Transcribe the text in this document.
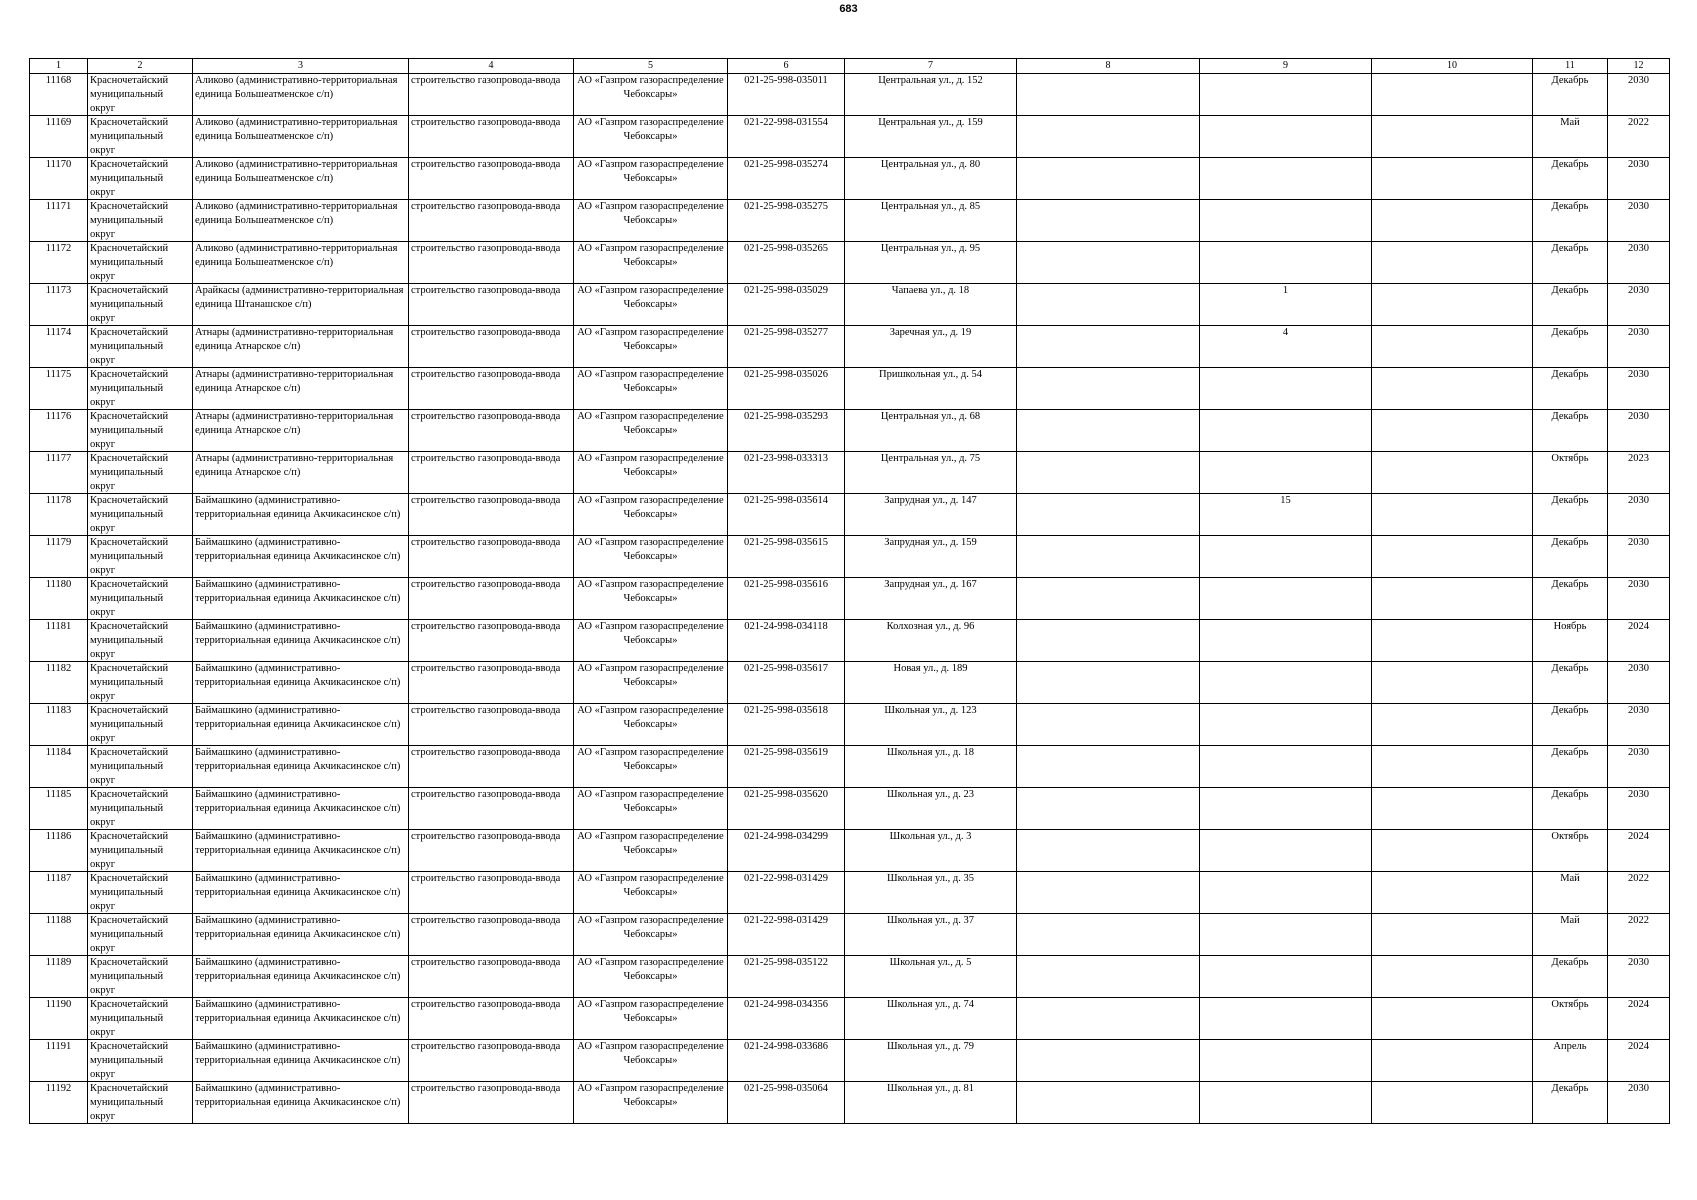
683
1	2	3	4	5	6	7	8	9	10	11	12

11168	Красночетайский муниципальный округ	Аликово (административно-территориальная единица Большеатменское с/п)	строительство газопровода-ввода	АО «Газпром газораспределение Чебоксары»	021-25-998-035011	Центральная ул., д. 152				Декабрь	2030

11169	Красночетайский муниципальный округ	Аликово (административно-территориальная единица Большеатменское с/п)	строительство газопровода-ввода	АО «Газпром газораспределение Чебоксары»	021-22-998-031554	Центральная ул., д. 159				Май	2022

11170	Красночетайский муниципальный округ	Аликово (административно-территориальная единица Большеатменское с/п)	строительство газопровода-ввода	АО «Газпром газораспределение Чебоксары»	021-25-998-035274	Центральная ул., д. 80				Декабрь	2030

11171	Красночетайский муниципальный округ	Аликово (административно-территориальная единица Большеатменское с/п)	строительство газопровода-ввода	АО «Газпром газораспределение Чебоксары»	021-25-998-035275	Центральная ул., д. 85				Декабрь	2030

11172	Красночетайский муниципальный округ	Аликово (административно-территориальная единица Большеатменское с/п)	строительство газопровода-ввода	АО «Газпром газораспределение Чебоксары»	021-25-998-035265	Центральная ул., д. 95				Декабрь	2030

11173	Красночетайский муниципальный округ	Арайкасы (административно-территориальная единица Штанашское с/п)	строительство газопровода-ввода	АО «Газпром газораспределение Чебоксары»	021-25-998-035029	Чапаева ул., д. 18		1		Декабрь	2030

11174	Красночетайский муниципальный округ	Атнары (административно-территориальная единица Атнарское с/п)	строительство газопровода-ввода	АО «Газпром газораспределение Чебоксары»	021-25-998-035277	Заречная ул., д. 19		4		Декабрь	2030

11175	Красночетайский муниципальный округ	Атнары (административно-территориальная единица Атнарское с/п)	строительство газопровода-ввода	АО «Газпром газораспределение Чебоксары»	021-25-998-035026	Пришкольная ул., д. 54				Декабрь	2030

11176	Красночетайский муниципальный округ	Атнары (административно-территориальная единица Атнарское с/п)	строительство газопровода-ввода	АО «Газпром газораспределение Чебоксары»	021-25-998-035293	Центральная ул., д. 68				Декабрь	2030

11177	Красночетайский муниципальный округ	Атнары (административно-территориальная единица Атнарское с/п)	строительство газопровода-ввода	АО «Газпром газораспределение Чебоксары»	021-23-998-033313	Центральная ул., д. 75				Октябрь	2023

11178	Красночетайский муниципальный округ	Баймашкино (административно-территориальная единица Акчикасинское с/п)	строительство газопровода-ввода	АО «Газпром газораспределение Чебоксары»	021-25-998-035614	Запрудная ул., д. 147		15		Декабрь	2030

11179	Красночетайский муниципальный округ	Баймашкино (административно-территориальная единица Акчикасинское с/п)	строительство газопровода-ввода	АО «Газпром газораспределение Чебоксары»	021-25-998-035615	Запрудная ул., д. 159				Декабрь	2030

11180	Красночетайский муниципальный округ	Баймашкино (административно-территориальная единица Акчикасинское с/п)	строительство газопровода-ввода	АО «Газпром газораспределение Чебоксары»	021-25-998-035616	Запрудная ул., д. 167				Декабрь	2030

11181	Красночетайский муниципальный округ	Баймашкино (административно-территориальная единица Акчикасинское с/п)	строительство газопровода-ввода	АО «Газпром газораспределение Чебоксары»	021-24-998-034118	Колхозная ул., д. 96				Ноябрь	2024

11182	Красночетайский муниципальный округ	Баймашкино (административно-территориальная единица Акчикасинское с/п)	строительство газопровода-ввода	АО «Газпром газораспределение Чебоксары»	021-25-998-035617	Новая ул., д. 189				Декабрь	2030

11183	Красночетайский муниципальный округ	Баймашкино (административно-территориальная единица Акчикасинское с/п)	строительство газопровода-ввода	АО «Газпром газораспределение Чебоксары»	021-25-998-035618	Школьная ул., д. 123				Декабрь	2030

11184	Красночетайский муниципальный округ	Баймашкино (административно-территориальная единица Акчикасинское с/п)	строительство газопровода-ввода	АО «Газпром газораспределение Чебоксары»	021-25-998-035619	Школьная ул., д. 18				Декабрь	2030

11185	Красночетайский муниципальный округ	Баймашкино (административно-территориальная единица Акчикасинское с/п)	строительство газопровода-ввода	АО «Газпром газораспределение Чебоксары»	021-25-998-035620	Школьная ул., д. 23				Декабрь	2030

11186	Красночетайский муниципальный округ	Баймашкино (административно-территориальная единица Акчикасинское с/п)	строительство газопровода-ввода	АО «Газпром газораспределение Чебоксары»	021-24-998-034299	Школьная ул., д. 3				Октябрь	2024

11187	Красночетайский муниципальный округ	Баймашкино (административно-территориальная единица Акчикасинское с/п)	строительство газопровода-ввода	АО «Газпром газораспределение Чебоксары»	021-22-998-031429	Школьная ул., д. 35				Май	2022

11188	Красночетайский муниципальный округ	Баймашкино (административно-территориальная единица Акчикасинское с/п)	строительство газопровода-ввода	АО «Газпром газораспределение Чебоксары»	021-22-998-031429	Школьная ул., д. 37				Май	2022

11189	Красночетайский муниципальный округ	Баймашкино (административно-территориальная единица Акчикасинское с/п)	строительство газопровода-ввода	АО «Газпром газораспределение Чебоксары»	021-25-998-035122	Школьная ул., д. 5				Декабрь	2030

11190	Красночетайский муниципальный округ	Баймашкино (административно-территориальная единица Акчикасинское с/п)	строительство газопровода-ввода	АО «Газпром газораспределение Чебоксары»	021-24-998-034356	Школьная ул., д. 74				Октябрь	2024

11191	Красночетайский муниципальный округ	Баймашкино (административно-территориальная единица Акчикасинское с/п)	строительство газопровода-ввода	АО «Газпром газораспределение Чебоксары»	021-24-998-033686	Школьная ул., д. 79				Апрель	2024

11192	Красночетайский муниципальный округ	Баймашкино (административно-территориальная единица Акчикасинское с/п)	строительство газопровода-ввода	АО «Газпром газораспределение Чебоксары»	021-25-998-035064	Школьная ул., д. 81				Декабрь	2030
